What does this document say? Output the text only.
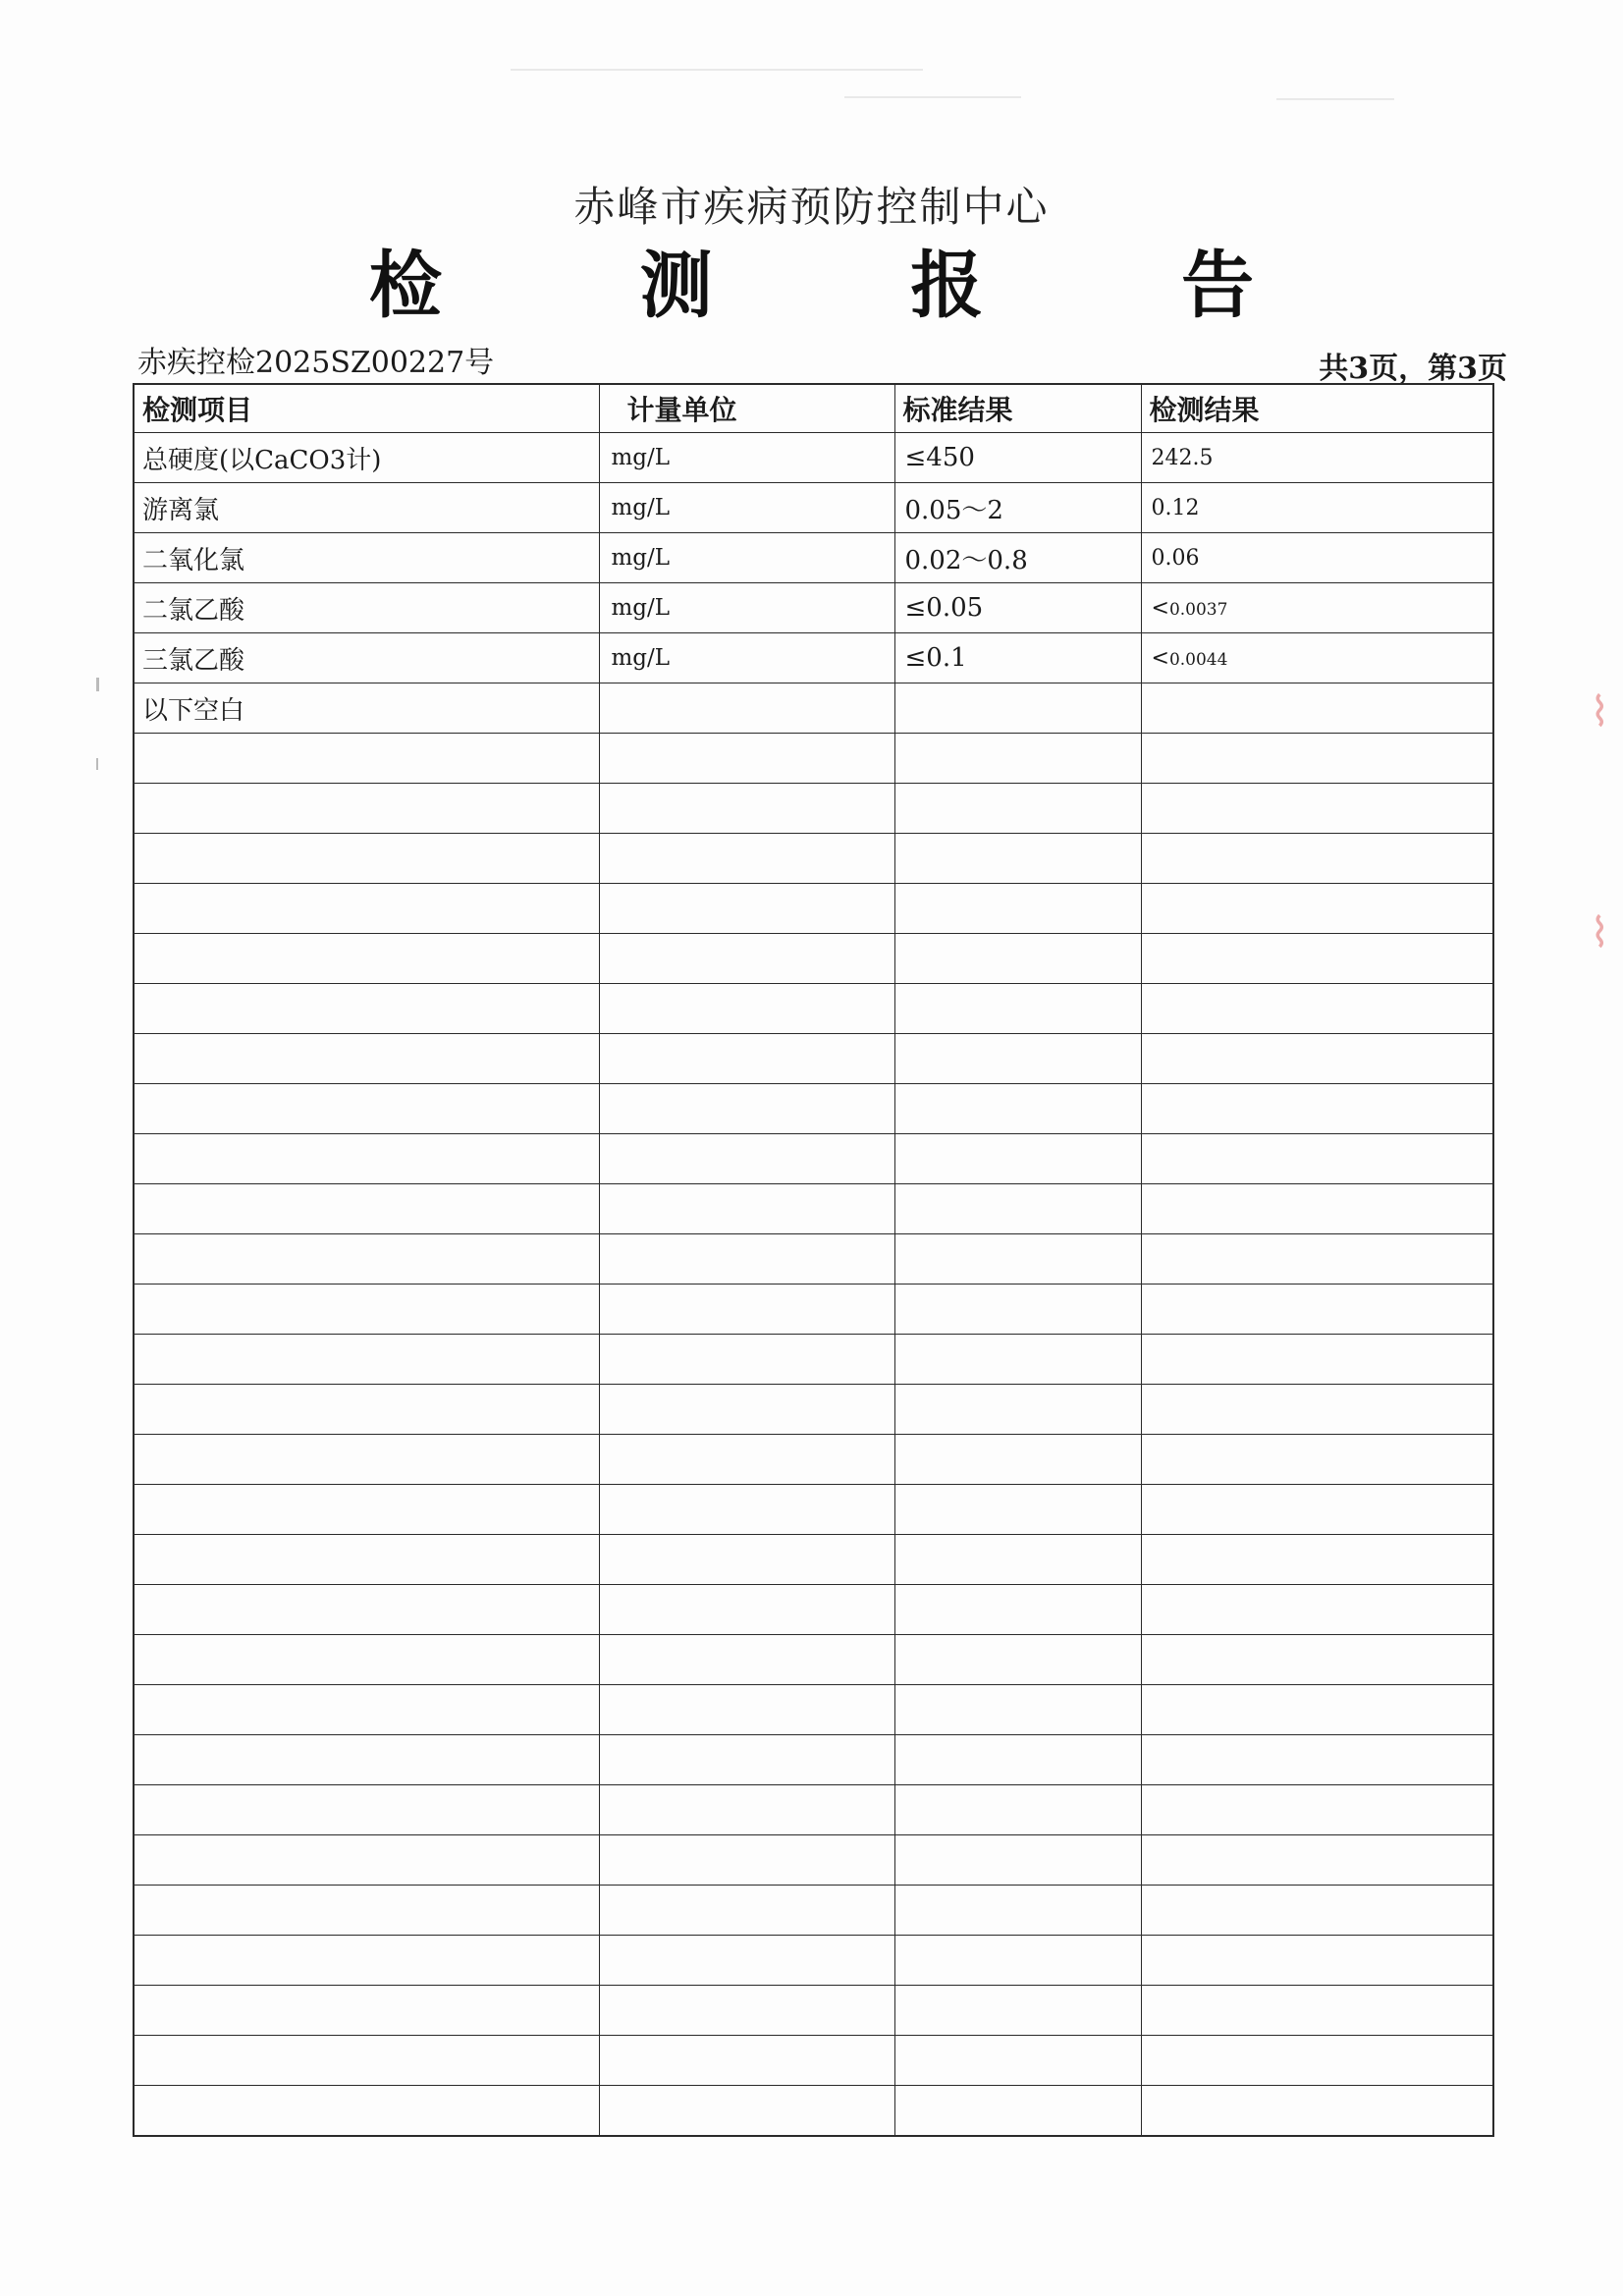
赤峰市疾病预防控制中心
检 测 报 告
赤疾控检2025SZ00227号	共3页，第3页
检测项目	计量单位	标准结果	检测结果
总硬度(以CaCO3计)	mg/L	≤450	242.5
游离氯	mg/L	0.05～2	0.12
二氧化氯	mg/L	0.02～0.8	0.06
二氯乙酸	mg/L	≤0.05	<0.0037
三氯乙酸	mg/L	≤0.1	<0.0044
以下空白			

				⌇
⌇
